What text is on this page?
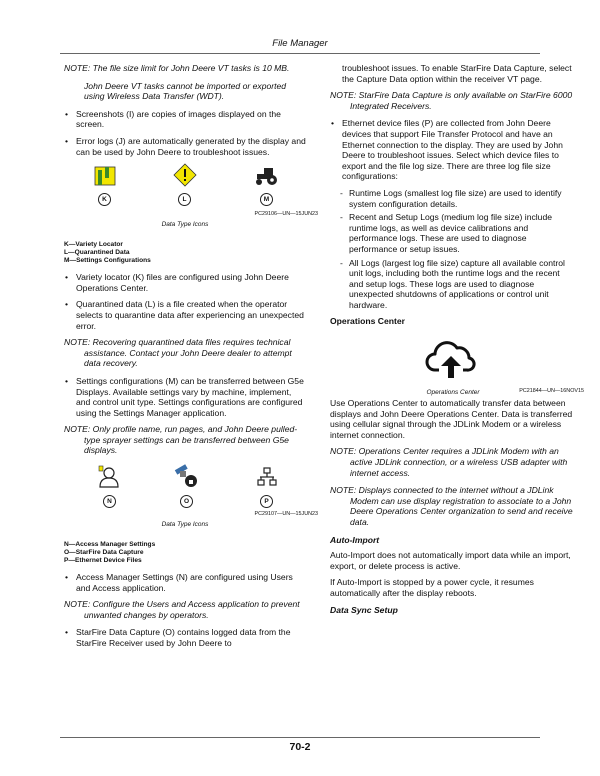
File Manager
NOTE: The file size limit for John Deere VT tasks is 10 MB.
John Deere VT tasks cannot be imported or exported using Wireless Data Transfer (WDT).
• Screenshots (I) are copies of images displayed on the screen.
• Error logs (J) are automatically generated by the display and can be used by John Deere to troubleshoot issues.
K	L	M
PC29106—UN—15JUN23
Data Type Icons
K—Variety Locator
L—Quarantined Data
M—Settings Configurations
• Variety locator (K) files are configured using John Deere Operations Center.
• Quarantined data (L) is a file created when the operator selects to quarantine data after experiencing an unexpected error.
NOTE: Recovering quarantined data files requires technical assistance. Contact your John Deere dealer to attempt data recovery.
• Settings configurations (M) can be transferred between G5e Displays. Available settings vary by machine, implement, and control unit type. Settings configurations are configured using the Settings Manager application.
NOTE: Only profile name, run pages, and John Deere pulled-type sprayer settings can be transferred between G5e displays.
N	O	P
PC29107—UN—15JUN23
Data Type Icons
N—Access Manager Settings
O—StarFire Data Capture
P—Ethernet Device Files
• Access Manager Settings (N) are configured using Users and Access application.
NOTE: Configure the Users and Access application to prevent unwanted changes by operators.
• StarFire Data Capture (O) contains logged data from the StarFire Receiver used by John Deere to
troubleshoot issues. To enable StarFire Data Capture, select the Capture Data option within the receiver VT page.
NOTE: StarFire Data Capture is only available on StarFire 6000 Integrated Receivers.
• Ethernet device files (P) are collected from John Deere devices that support File Transfer Protocol and have an Ethernet connection to the display. They are used by John Deere to troubleshoot issues. Select which device files to export and the file log size. There are three log file size configurations:
- Runtime Logs (smallest log file size) are used to identify system configuration details.
- Recent and Setup Logs (medium log file size) include runtime logs, as well as device calibrations and performance logs. These are used to diagnose performance or setup issues.
- All Logs (largest log file size) capture all available control unit logs, including both the runtime logs and the recent and setup logs. These logs are used to diagnose unexpected shutdowns of applications or control unit hardware.
Operations Center
PC21844—UN—16NOV15
Operations Center
Use Operations Center to automatically transfer data between displays and John Deere Operations Center. Data is transferred using cellular signal through the JDLink Modem or a wireless internet connection.
NOTE: Operations Center requires a JDLink Modem with an active JDLink connection, or a wireless USB adapter with internet access.
NOTE: Displays connected to the internet without a JDLink Modem can use display registration to associate to a John Deere Operations Center organization to send and receive data.
Auto-Import
Auto-Import does not automatically import data while an import, export, or delete process is active.
If Auto-Import is stopped by a power cycle, it resumes automatically after the display reboots.
Data Sync Setup
70-2
